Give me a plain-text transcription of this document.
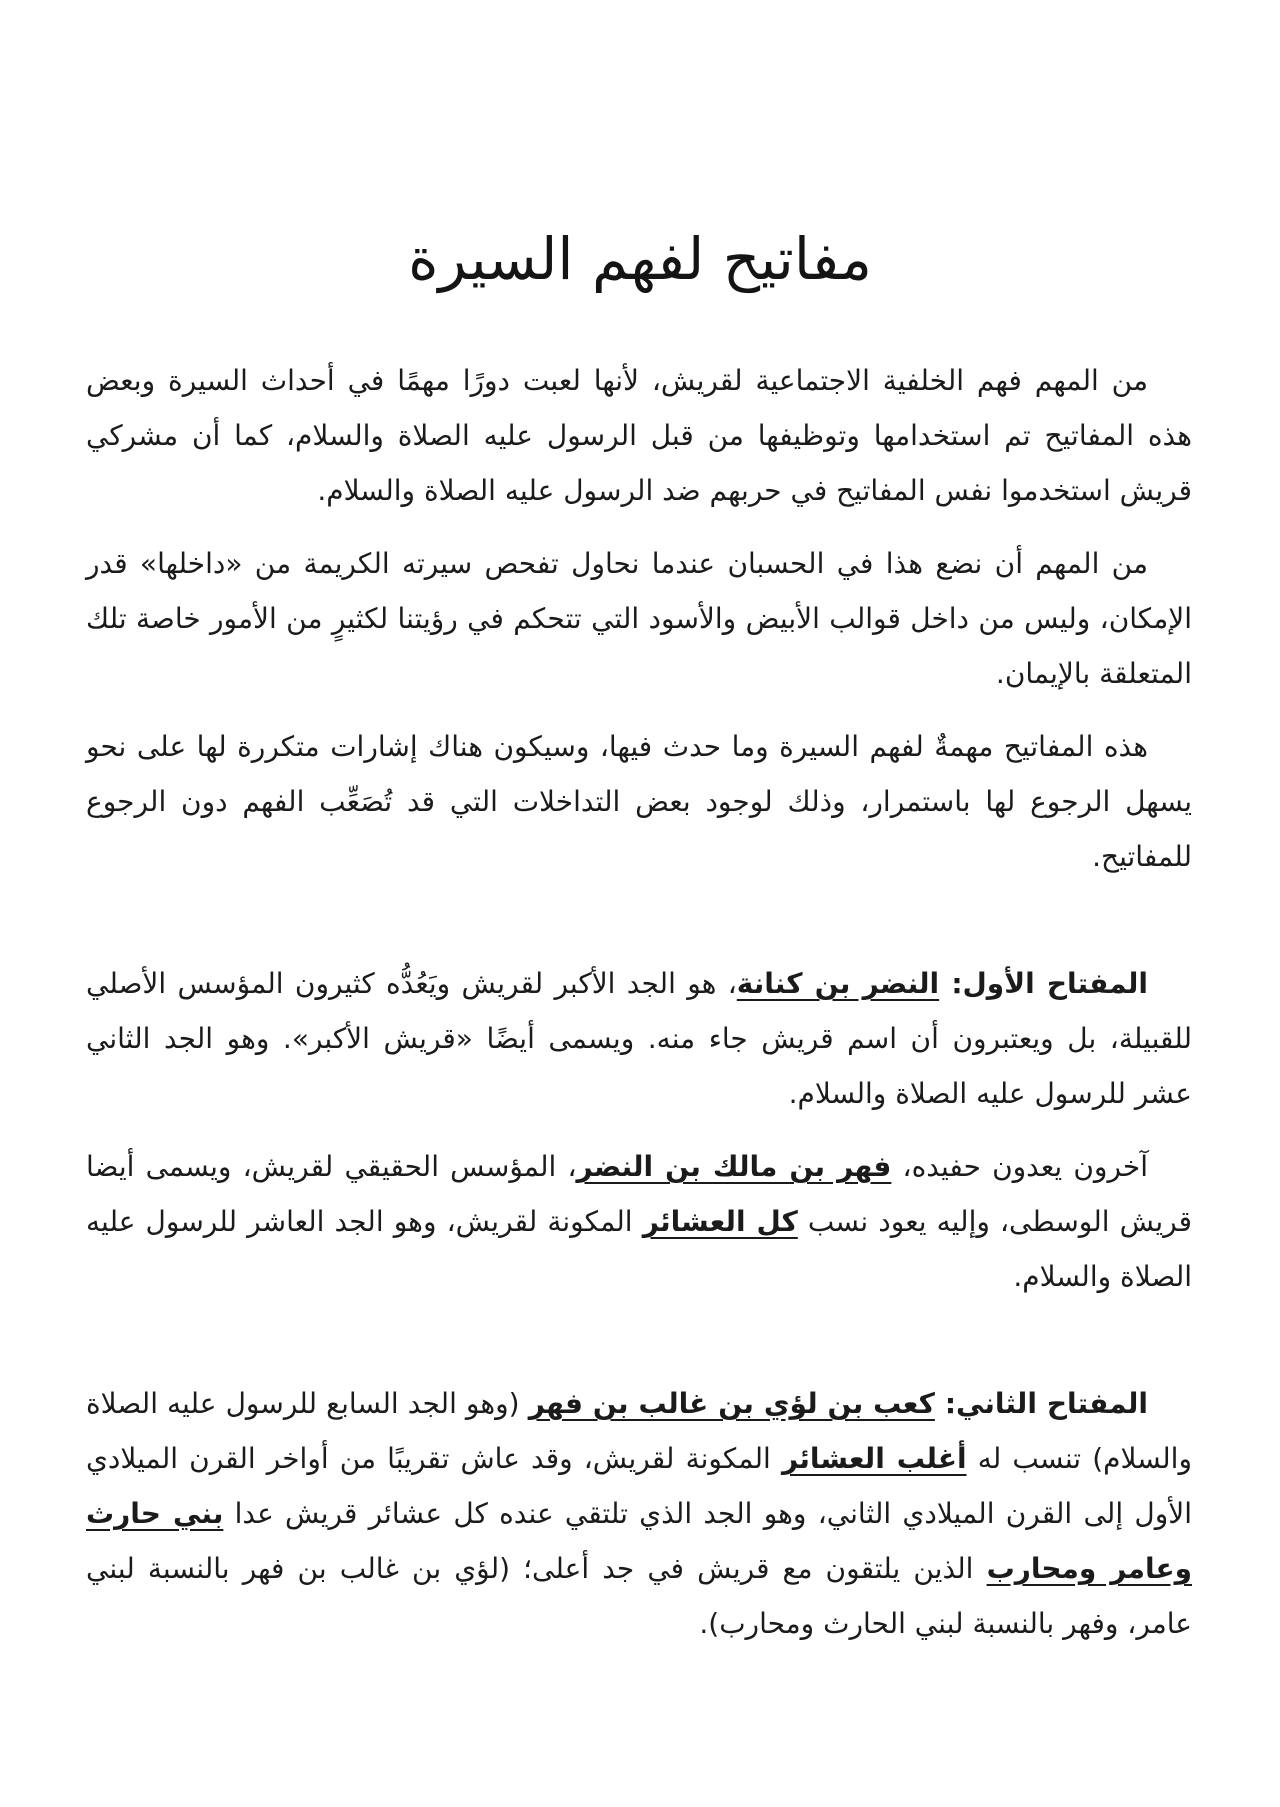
مفاتيح لفهم السيرة

من المهم فهم الخلفية الاجتماعية لقريش، لأنها لعبت دورًا مهمًا في أحداث السيرة وبعض هذه المفاتيح تم استخدامها وتوظيفها من قبل الرسول عليه الصلاة والسلام، كما أن مشركي قريش استخدموا نفس المفاتيح في حربهم ضد الرسول عليه الصلاة والسلام.

من المهم أن نضع هذا في الحسبان عندما نحاول تفحص سيرته الكريمة من «داخلها» قدر الإمكان، وليس من داخل قوالب الأبيض والأسود التي تتحكم في رؤيتنا لكثيرٍ من الأمور خاصة تلك المتعلقة بالإيمان.

هذه المفاتيح مهمةٌ لفهم السيرة وما حدث فيها، وسيكون هناك إشارات متكررة لها على نحو يسهل الرجوع لها باستمرار، وذلك لوجود بعض التداخلات التي قد تُصَعِّب الفهم دون الرجوع للمفاتيح.

المفتاح الأول: النضر بن كنانة، هو الجد الأكبر لقريش ويَعُدُّه كثيرون المؤسس الأصلي للقبيلة، بل ويعتبرون أن اسم قريش جاء منه. ويسمى أيضًا «قريش الأكبر». وهو الجد الثاني عشر للرسول عليه الصلاة والسلام.

آخرون يعدون حفيده، فهر بن مالك بن النضر، المؤسس الحقيقي لقريش، ويسمى أيضا قريش الوسطى، وإليه يعود نسب كل العشائر المكونة لقريش، وهو الجد العاشر للرسول عليه الصلاة والسلام.

المفتاح الثاني: كعب بن لؤي بن غالب بن فهر (وهو الجد السابع للرسول عليه الصلاة والسلام) تنسب له أغلب العشائر المكونة لقريش، وقد عاش تقريبًا من أواخر القرن الميلادي الأول إلى القرن الميلادي الثاني، وهو الجد الذي تلتقي عنده كل عشائر قريش عدا بني حارث وعامر ومحارب الذين يلتقون مع قريش في جد أعلى؛ (لؤي بن غالب بن فهر بالنسبة لبني عامر، وفهر بالنسبة لبني الحارث ومحارب).
